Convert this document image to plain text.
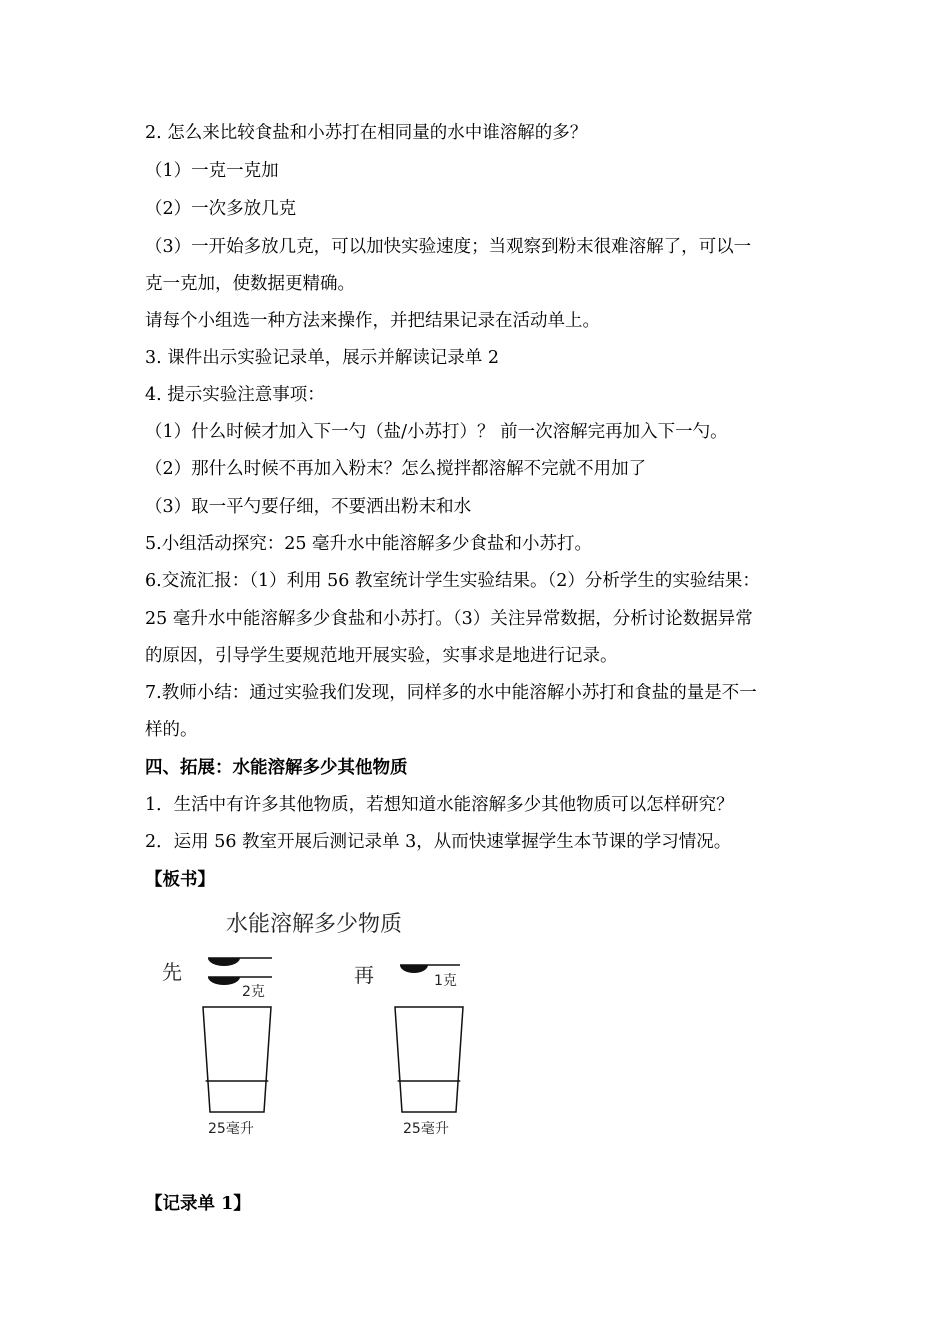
2. 怎么来比较食盐和小苏打在相同量的水中谁溶解的多？
（1）一克一克加
（2）一次多放几克
（3）一开始多放几克，可以加快实验速度；当观察到粉末很难溶解了，可以一
克一克加，使数据更精确。
请每个小组选一种方法来操作，并把结果记录在活动单上。
3. 课件出示实验记录单，展示并解读记录单 2
4. 提示实验注意事项：
（1）什么时候才加入下一勺（盐/小苏打）？ 前一次溶解完再加入下一勺。
（2）那什么时候不再加入粉末？怎么搅拌都溶解不完就不用加了
（3）取一平勺要仔细，不要洒出粉末和水
5.小组活动探究：25 毫升水中能溶解多少食盐和小苏打。
6.交流汇报：（1）利用 56 教室统计学生实验结果。（2）分析学生的实验结果：
25 毫升水中能溶解多少食盐和小苏打。（3）关注异常数据，分析讨论数据异常
的原因，引导学生要规范地开展实验，实事求是地进行记录。
7.教师小结：通过实验我们发现，同样多的水中能溶解小苏打和食盐的量是不一
样的。
四、拓展：水能溶解多少其他物质
1．生活中有许多其他物质，若想知道水能溶解多少其他物质可以怎样研究？
2．运用 56 教室开展后测记录单 3，从而快速掌握学生本节课的学习情况。
【板书】
水能溶解多少物质
先
2克
25毫升
再	1克
25毫升
【记录单 1】
